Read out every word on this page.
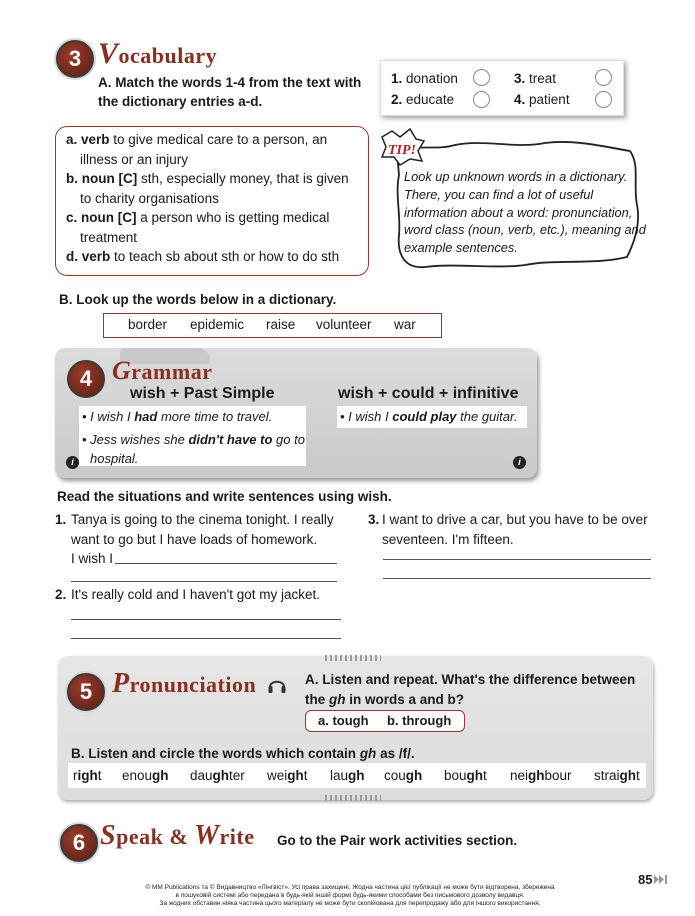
3 Vocabulary
A. Match the words 1-4 from the text with
the dictionary entries a-d.
1. donation	3. treat
2. educate	4. patient
a. verb to give medical care to a person, an
illness or an injury
b. noun [C] sth, especially money, that is given
to charity organisations
c. noun [C] a person who is getting medical
treatment
d. verb to teach sb about sth or how to do sth
TIP!
Look up unknown words in a dictionary.
There, you can find a lot of useful
information about a word: pronunciation,
word class (noun, verb, etc.), meaning and
example sentences.
B. Look up the words below in a dictionary.
border epidemic raise volunteer war
4 Grammar
wish + Past Simple	wish + could + infinitive
• I wish I had more time to travel.
• Jess wishes she didn't have to go to
hospital.
• I wish I could play the guitar.
i	i
Read the situations and write sentences using wish.
1. Tanya is going to the cinema tonight. I really

want to go but I have loads of homework.

I wish I
2. It's really cold and I haven't got my jacket.
3. I want to drive a car, but you have to be over

seventeen. I'm fifteen.
5 Pronunciation	A. Listen and repeat. What's the difference between
the gh in words a and b?
a. tough b. through
B. Listen and circle the words which contain gh as /f/.
right enough daughter weight laugh cough bought neighbour straight
6 Speak & Write Go to the Pair work activities section.
85
© MM Publications та © Видавництво «Лінгвіст». Усі права захищені. Жодна частина цієї публікації не може бути відтворена, збережена
в пошуковій системі або передана в будь-якій іншій формі будь-якими способами без письмового дозволу видавця.
За жодних обставин ніяка частина цього матеріалу не може бути скопійована для перепродажу або для іншого використання.
